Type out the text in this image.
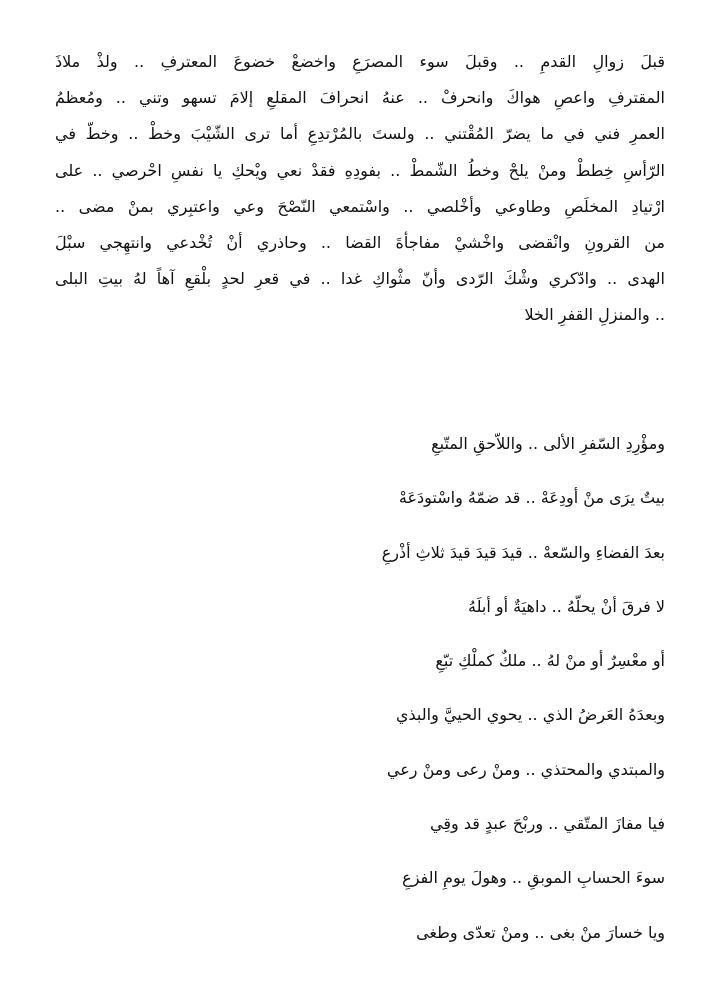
قبلَ زوالِ القدمِ .. وقبلَ سوء المصرَعِ واخضعْ خضوعَ المعترفِ .. ولذْ ملاذَ
المقترفِ واعصِ هواكَ وانحرفْ .. عنهُ انحرافَ المقلعِ إلامَ تسهو وتني .. ومُعظمُ
العمرِ فني في ما يضرّ المُقْتني .. ولستَ بالمُرْتدِعِ أما ترى الشّيْبَ وخطْ .. وخطّ في
الرّأسِ خِططْ ومنْ يلحْ وخطُ الشّمطْ .. بفودِهِ فقدْ نعي ويْحكِ يا نفسِ احْرصي .. على
ارْتيادِ المخلَصِ وطاوعي وأخْلصي .. واسْتمعي النّصْحَ وعي واعتبِري بمنْ مضى ..
من القرونِ وانْقضى واخْشيْ مفاجأةَ القضا .. وحاذري أنْ تُخْدعي وانتهِجي سبْلَ
الهدى .. وادّكري وشْكَ الرّدى وأنّ مثْواكِ غدا .. في قعرِ لحدٍ بلْقعِ آهاً لهُ بيتِ البلى
.. والمنزلِ القفرِ الخلا
ومؤْرِدِ السّفرِ الألى .. واللاّحقِ المتّبعِ
بيتٌ يرَى منْ أودِعَهْ .. قد ضمّهُ واسْتودَعَهْ
بعدَ الفضاءِ والسّعهْ .. قيدَ قيدَ قيدَ ثلاثِ أذْرعِ
لا فرقَ أنْ يحلّهُ .. داهيَةٌ أو أبلَهُ
أو معْسِرٌ أو منْ لهُ .. ملكٌ كملْكِ تبّعِ
وبعدَهُ العَرضُ الذي .. يحوي الحييَّ والبذي
والمبتدي والمحتذي .. ومنْ رعى ومنْ رعي
فيا مفازَ المتّقي .. وربْحَ عبدٍ قد وقِي
سوءَ الحسابِ الموبقِ .. وهولَ يومِ الفزعِ
ويا خسارَ منْ بغى .. ومنْ تعدّى وطغى
